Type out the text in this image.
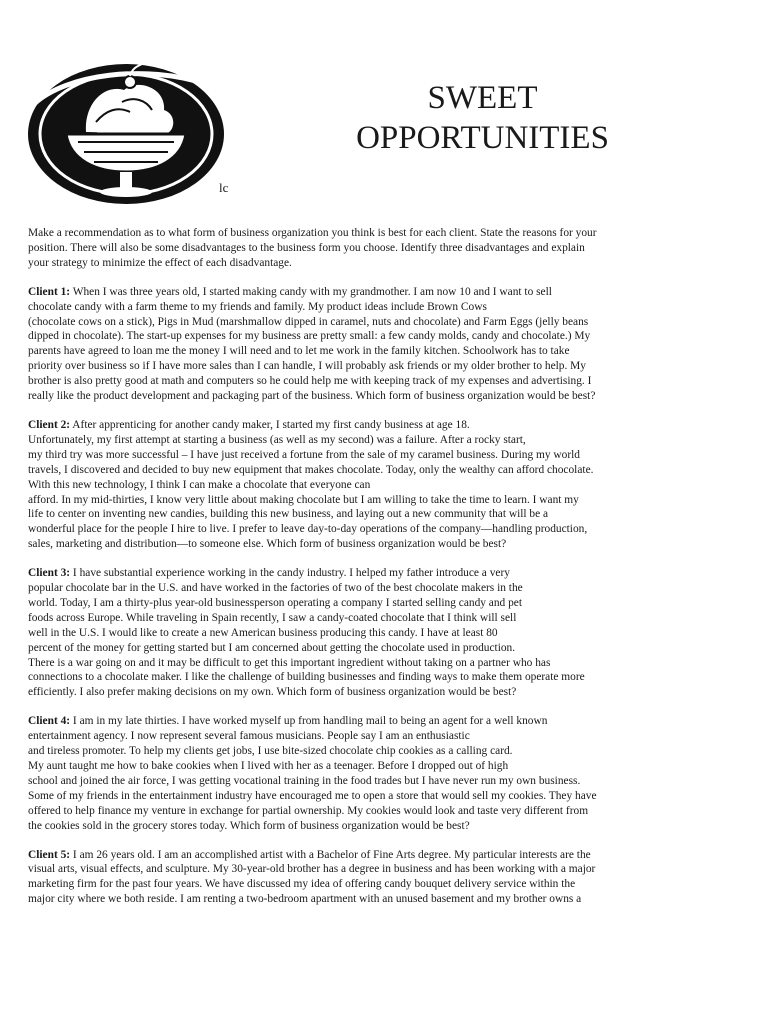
lc
SWEET
OPPORTUNITIES

Make a recommendation as to what form of business organization you think is best for each client. State the reasons for your
position. There will also be some disadvantages to the business form you choose. Identify three disadvantages and explain
your strategy to minimize the effect of each disadvantage.

Client 1: When I was three years old, I started making candy with my grandmother. I am now 10 and I want to sell
chocolate candy with a farm theme to my friends and family. My product ideas include Brown Cows
(chocolate cows on a stick), Pigs in Mud (marshmallow dipped in caramel, nuts and chocolate) and Farm Eggs (jelly beans
dipped in chocolate). The start-up expenses for my business are pretty small: a few candy molds, candy and chocolate.) My
parents have agreed to loan me the money I will need and to let me work in the family kitchen. Schoolwork has to take
priority over business so if I have more sales than I can handle, I will probably ask friends or my older brother to help. My
brother is also pretty good at math and computers so he could help me with keeping track of my expenses and advertising. I
really like the product development and packaging part of the business. Which form of business organization would be best?

Client 2: After apprenticing for another candy maker, I started my first candy business at age 18.
Unfortunately, my first attempt at starting a business (as well as my second) was a failure. After a rocky start,
my third try was more successful – I have just received a fortune from the sale of my caramel business. During my world
travels, I discovered and decided to buy new equipment that makes chocolate. Today, only the wealthy can afford chocolate.
With this new technology, I think I can make a chocolate that everyone can
afford. In my mid-thirties, I know very little about making chocolate but I am willing to take the time to learn. I want my
life to center on inventing new candies, building this new business, and laying out a new community that will be a
wonderful place for the people I hire to live. I prefer to leave day-to-day operations of the company—handling production,
sales, marketing and distribution—to someone else. Which form of business organization would be best?

Client 3: I have substantial experience working in the candy industry. I helped my father introduce a very
popular chocolate bar in the U.S. and have worked in the factories of two of the best chocolate makers in the
world. Today, I am a thirty-plus year-old businessperson operating a company I started selling candy and pet
foods across Europe. While traveling in Spain recently, I saw a candy-coated chocolate that I think will sell
well in the U.S. I would like to create a new American business producing this candy. I have at least 80
percent of the money for getting started but I am concerned about getting the chocolate used in production.
There is a war going on and it may be difficult to get this important ingredient without taking on a partner who has
connections to a chocolate maker. I like the challenge of building businesses and finding ways to make them operate more
efficiently. I also prefer making decisions on my own. Which form of business organization would be best?

Client 4: I am in my late thirties. I have worked myself up from handling mail to being an agent for a well known
entertainment agency. I now represent several famous musicians. People say I am an enthusiastic
and tireless promoter. To help my clients get jobs, I use bite-sized chocolate chip cookies as a calling card.
My aunt taught me how to bake cookies when I lived with her as a teenager. Before I dropped out of high
school and joined the air force, I was getting vocational training in the food trades but I have never run my own business.
Some of my friends in the entertainment industry have encouraged me to open a store that would sell my cookies. They have
offered to help finance my venture in exchange for partial ownership. My cookies would look and taste very different from
the cookies sold in the grocery stores today. Which form of business organization would be best?

Client 5: I am 26 years old. I am an accomplished artist with a Bachelor of Fine Arts degree. My particular interests are the
visual arts, visual effects, and sculpture. My 30-year-old brother has a degree in business and has been working with a major
marketing firm for the past four years. We have discussed my idea of offering candy bouquet delivery service within the
major city where we both reside. I am renting a two-bedroom apartment with an unused basement and my brother owns a
